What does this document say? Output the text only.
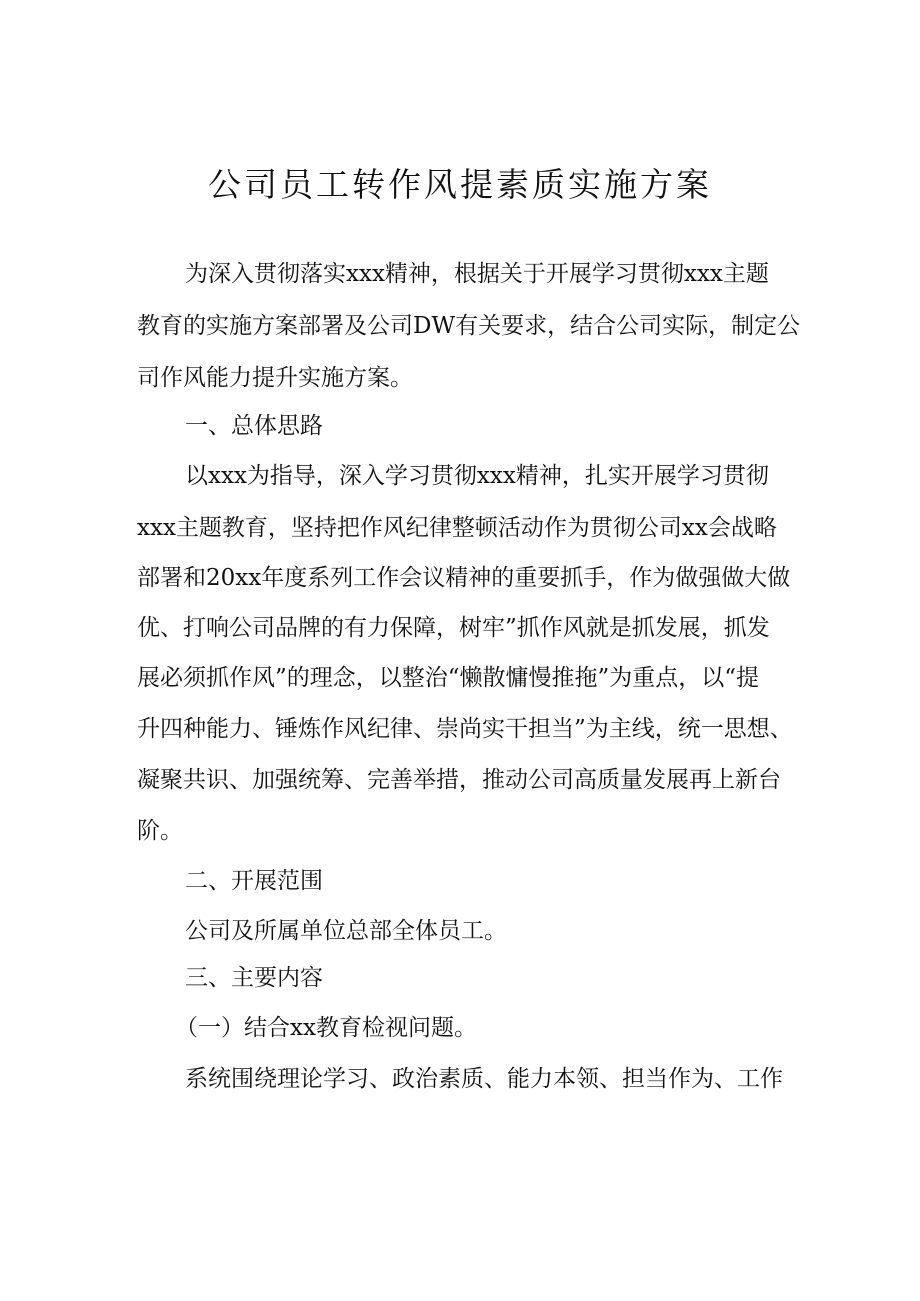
公司员工转作风提素质实施方案

为深入贯彻落实xxx精神，根据关于开展学习贯彻xxx主题

教育的实施方案部署及公司DW有关要求，结合公司实际，制定公

司作风能力提升实施方案。

一、总体思路

以xxx为指导，深入学习贯彻xxx精神，扎实开展学习贯彻

xxx主题教育，坚持把作风纪律整顿活动作为贯彻公司xx会战略

部署和20xx年度系列工作会议精神的重要抓手，作为做强做大做

优、打响公司品牌的有力保障，树牢”抓作风就是抓发展，抓发

展必须抓作风”的理念，以整治“懒散慵慢推拖”为重点，以“提

升四种能力、锤炼作风纪律、崇尚实干担当”为主线，统一思想、

凝聚共识、加强统筹、完善举措，推动公司高质量发展再上新台

阶。

二、开展范围

公司及所属单位总部全体员工。

三、主要内容

（一）结合xx教育检视问题。

系统围绕理论学习、政治素质、能力本领、担当作为、工作
